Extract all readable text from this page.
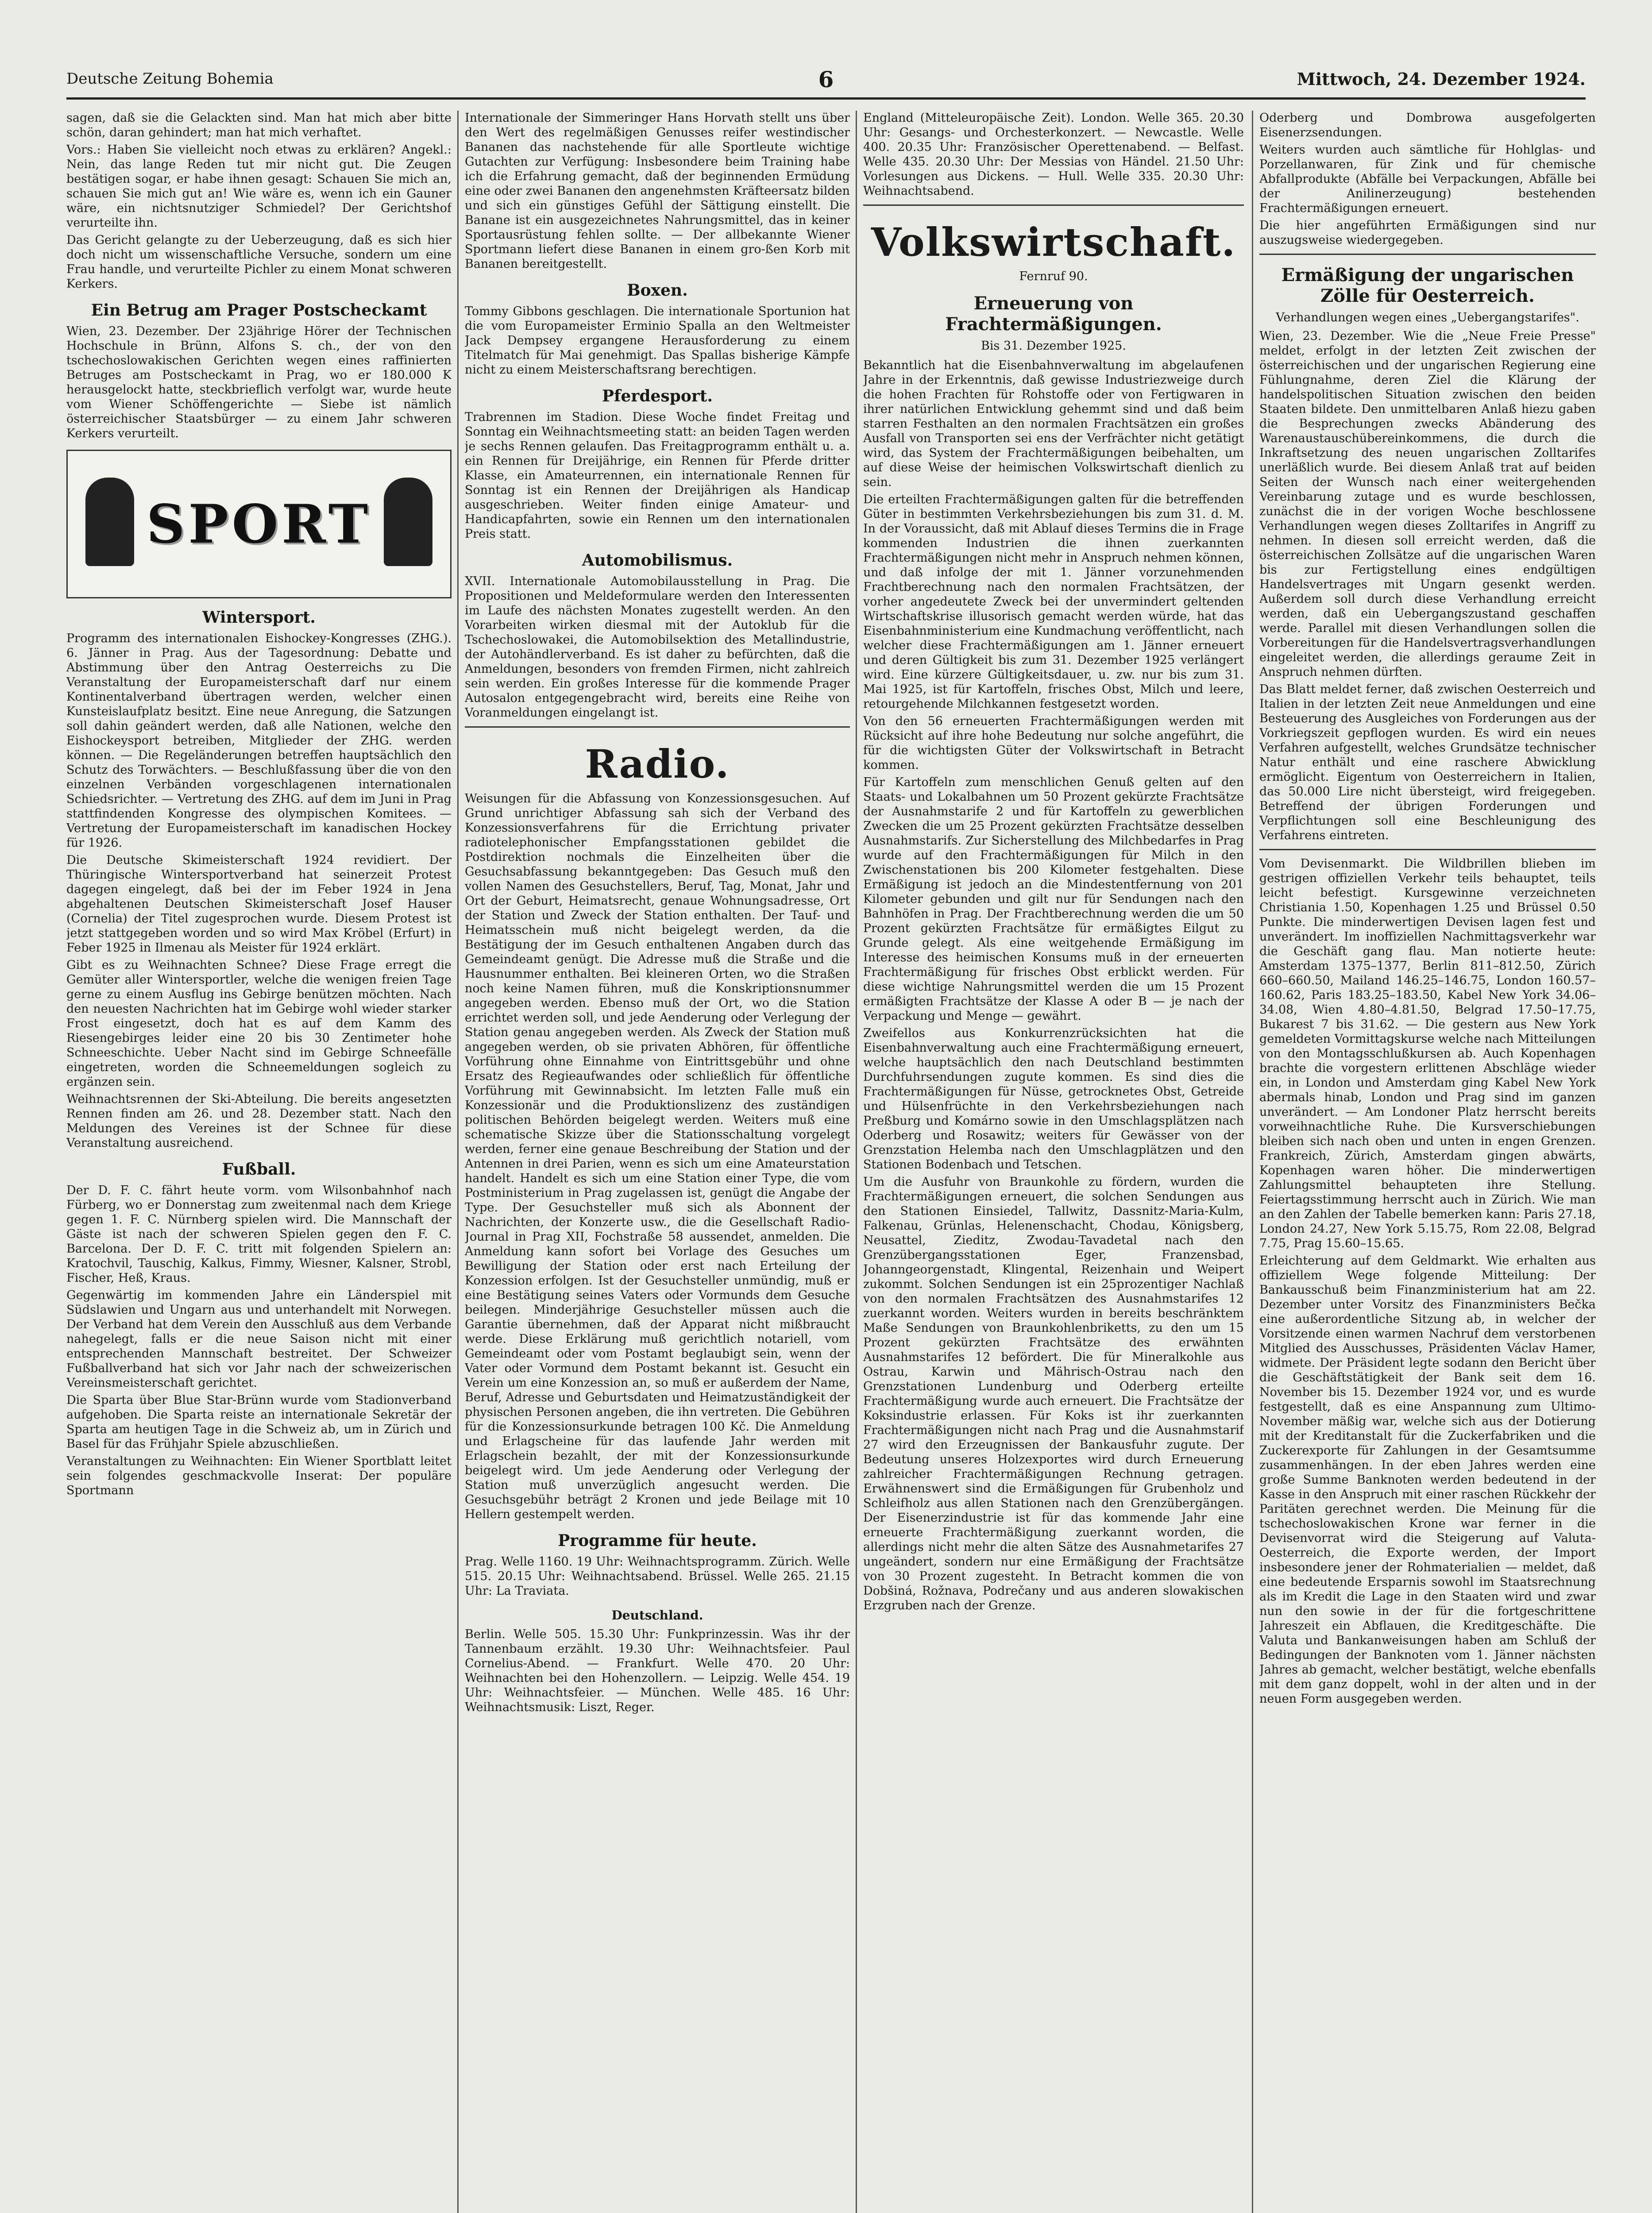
Deutsche Zeitung Bohemia	6	Mittwoch, 24. Dezember 1924.

sagen, daß sie die Gelackten sind. Man hat mich aber bitte schön, daran gehindert; man hat mich verhaftet.

Vors.: Haben Sie vielleicht noch etwas zu erklären? Angekl.: Nein, das lange Reden tut mir nicht gut. Die Zeugen bestätigen sogar, er habe ihnen gesagt: Schauen Sie mich an, schauen Sie mich gut an! Wie wäre es, wenn ich ein Gauner wäre, ein nichtsnutziger Schmiedel? Der Gerichtshof verurteilte ihn.

Das Gericht gelangte zu der Ueberzeugung, daß es sich hier doch nicht um wissenschaftliche Versuche, sondern um eine Frau handle, und verurteilte Pichler zu einem Monat schweren Kerkers.

Ein Betrug am Prager Postscheckamt

Wien, 23. Dezember. Der 23jährige Hörer der Technischen Hochschule in Brünn, Alfons S. ch., der von den tschechoslowakischen Gerichten wegen eines raffinierten Betruges am Postscheckamt in Prag, wo er 180.000 K herausgelockt hatte, steckbrieflich verfolgt war, wurde heute vom Wiener Schöffengerichte — Siebe ist nämlich österreichischer Staatsbürger — zu einem Jahr schweren Kerkers verurteilt.

SPORT
Wintersport.

Programm des internationalen Eishockey-Kongresses (ZHG.). 6. Jänner in Prag. Aus der Tagesordnung: Debatte und Abstimmung über den Antrag Oesterreichs zu Die Veranstaltung der Europameisterschaft darf nur einem Kontinentalverband übertragen werden, welcher einen Kunsteislaufplatz besitzt. Eine neue Anregung, die Satzungen soll dahin geändert werden, daß alle Nationen, welche den Eishockeysport betreiben, Mitglieder der ZHG. werden können. — Die Regeländerungen betreffen hauptsächlich den Schutz des Torwächters. — Beschlußfassung über die von den einzelnen Verbänden vorgeschlagenen internationalen Schiedsrichter. — Vertretung des ZHG. auf dem im Juni in Prag stattfindenden Kongresse des olympischen Komitees. — Vertretung der Europameisterschaft im kanadischen Hockey für 1926.

Die Deutsche Skimeisterschaft 1924 revidiert. Der Thüringische Wintersportverband hat seinerzeit Protest dagegen eingelegt, daß bei der im Feber 1924 in Jena abgehaltenen Deutschen Skimeisterschaft Josef Hauser (Cornelia) der Titel zugesprochen wurde. Diesem Protest ist jetzt stattgegeben worden und so wird Max Kröbel (Erfurt) in Feber 1925 in Ilmenau als Meister für 1924 erklärt.

Gibt es zu Weihnachten Schnee? Diese Frage erregt die Gemüter aller Wintersportler, welche die wenigen freien Tage gerne zu einem Ausflug ins Gebirge benützen möchten. Nach den neuesten Nachrichten hat im Gebirge wohl wieder starker Frost eingesetzt, doch hat es auf dem Kamm des Riesengebirges leider eine 20 bis 30 Zentimeter hohe Schneeschichte. Ueber Nacht sind im Gebirge Schneefälle eingetreten, worden die Schneemeldungen sogleich zu ergänzen sein.

Weihnachtsrennen der Ski-Abteilung. Die bereits angesetzten Rennen finden am 26. und 28. Dezember statt. Nach den Meldungen des Vereines ist der Schnee für diese Veranstaltung ausreichend.

Fußball.

Der D. F. C. fährt heute vorm. vom Wilsonbahnhof nach Fürberg, wo er Donnerstag zum zweitenmal nach dem Kriege gegen 1. F. C. Nürnberg spielen wird. Die Mannschaft der Gäste ist nach der schweren Spielen gegen den F. C. Barcelona. Der D. F. C. tritt mit folgenden Spielern an: Kratochvil, Tauschig, Kalkus, Fimmy, Wiesner, Kalsner, Strobl, Fischer, Heß, Kraus.

Gegenwärtig im kommenden Jahre ein Länderspiel mit Südslawien und Ungarn aus und unterhandelt mit Norwegen. Der Verband hat dem Verein den Ausschluß aus dem Verbande nahegelegt, falls er die neue Saison nicht mit einer entsprechenden Mannschaft bestreitet. Der Schweizer Fußballverband hat sich vor Jahr nach der schweizerischen Vereinsmeisterschaft gerichtet.

Die Sparta über Blue Star-Brünn wurde vom Stadionverband aufgehoben. Die Sparta reiste an internationale Sekretär der Sparta am heutigen Tage in die Schweiz ab, um in Zürich und Basel für das Frühjahr Spiele abzuschließen.

Veranstaltungen zu Weihnachten: Ein Wiener Sportblatt leitet sein folgendes geschmackvolle Inserat: Der populäre Sportmann

Internationale der Simmeringer Hans Horvath stellt uns über den Wert des regelmäßigen Genusses reifer westindischer Bananen das nachstehende für alle Sportleute wichtige Gutachten zur Verfügung: Insbesondere beim Training habe ich die Erfahrung gemacht, daß der beginnenden Ermüdung eine oder zwei Bananen den angenehmsten Kräfteersatz bilden und sich ein günstiges Gefühl der Sättigung einstellt. Die Banane ist ein ausgezeichnetes Nahrungsmittel, das in keiner Sportausrüstung fehlen sollte. — Der allbekannte Wiener Sportmann liefert diese Bananen in einem gro-ßen Korb mit Bananen bereitgestellt.

Boxen.

Tommy Gibbons geschlagen. Die internationale Sportunion hat die vom Europameister Erminio Spalla an den Weltmeister Jack Dempsey ergangene Herausforderung zu einem Titelmatch für Mai genehmigt. Das Spallas bisherige Kämpfe nicht zu einem Meisterschaftsrang berechtigen.

Pferdesport.

Trabrennen im Stadion. Diese Woche findet Freitag und Sonntag ein Weihnachtsmeeting statt: an beiden Tagen werden je sechs Rennen gelaufen. Das Freitagprogramm enthält u. a. ein Rennen für Dreijährige, ein Rennen für Pferde dritter Klasse, ein Amateurrennen, ein internationale Rennen für Sonntag ist ein Rennen der Dreijährigen als Handicap ausgeschrieben. Weiter finden einige Amateur- und Handicapfahrten, sowie ein Rennen um den internationalen Preis statt.

Automobilismus.

XVII. Internationale Automobilausstellung in Prag. Die Propositionen und Meldeformulare werden den Interessenten im Laufe des nächsten Monates zugestellt werden. An den Vorarbeiten wirken diesmal mit der Autoklub für die Tschechoslowakei, die Automobilsektion des Metallindustrie, der Autohändlerverband. Es ist daher zu befürchten, daß die Anmeldungen, besonders von fremden Firmen, nicht zahlreich sein werden. Ein großes Interesse für die kommende Prager Autosalon entgegengebracht wird, bereits eine Reihe von Voranmeldungen eingelangt ist.

Radio.

Weisungen für die Abfassung von Konzessionsgesuchen. Auf Grund unrichtiger Abfassung sah sich der Verband des Konzessionsverfahrens für die Errichtung privater radiotelephonischer Empfangsstationen gebildet die Postdirektion nochmals die Einzelheiten über die Gesuchsabfassung bekanntgegeben: Das Gesuch muß den vollen Namen des Gesuchstellers, Beruf, Tag, Monat, Jahr und Ort der Geburt, Heimatsrecht, genaue Wohnungsadresse, Ort der Station und Zweck der Station enthalten. Der Tauf- und Heimatsschein muß nicht beigelegt werden, da die Bestätigung der im Gesuch enthaltenen Angaben durch das Gemeindeamt genügt. Die Adresse muß die Straße und die Hausnummer enthalten. Bei kleineren Orten, wo die Straßen noch keine Namen führen, muß die Konskriptionsnummer angegeben werden. Ebenso muß der Ort, wo die Station errichtet werden soll, und jede Aenderung oder Verlegung der Station genau angegeben werden. Als Zweck der Station muß angegeben werden, ob sie privaten Abhören, für öffentliche Vorführung ohne Einnahme von Eintrittsgebühr und ohne Ersatz des Regieaufwandes oder schließlich für öffentliche Vorführung mit Gewinnabsicht. Im letzten Falle muß ein Konzessionär und die Produktionslizenz des zuständigen politischen Behörden beigelegt werden. Weiters muß eine schematische Skizze über die Stationsschaltung vorgelegt werden, ferner eine genaue Beschreibung der Station und der Antennen in drei Parien, wenn es sich um eine Amateurstation handelt. Handelt es sich um eine Station einer Type, die vom Postministerium in Prag zugelassen ist, genügt die Angabe der Type. Der Gesuchsteller muß sich als Abonnent der Nachrichten, der Konzerte usw., die die Gesellschaft Radio-Journal in Prag XII, Fochstraße 58 aussendet, anmelden. Die Anmeldung kann sofort bei Vorlage des Gesuches um Bewilligung der Station oder erst nach Erteilung der Konzession erfolgen. Ist der Gesuchsteller unmündig, muß er eine Bestätigung seines Vaters oder Vormunds dem Gesuche beilegen. Minderjährige Gesuchsteller müssen auch die Garantie übernehmen, daß der Apparat nicht mißbraucht werde. Diese Erklärung muß gerichtlich notariell, vom Gemeindeamt oder vom Postamt beglaubigt sein, wenn der Vater oder Vormund dem Postamt bekannt ist. Gesucht ein Verein um eine Konzession an, so muß er außerdem der Name, Beruf, Adresse und Geburtsdaten und Heimatzuständigkeit der physischen Personen angeben, die ihn vertreten. Die Gebühren für die Konzessionsurkunde betragen 100 Kč. Die Anmeldung und Erlagscheine für das laufende Jahr werden mit Erlagschein bezahlt, der mit der Konzessionsurkunde beigelegt wird. Um jede Aenderung oder Verlegung der Station muß unverzüglich angesucht werden. Die Gesuchsgebühr beträgt 2 Kronen und jede Beilage mit 10 Hellern gestempelt werden.

Programme für heute.

Prag. Welle 1160. 19 Uhr: Weihnachtsprogramm. Zürich. Welle 515. 20.15 Uhr: Weihnachtsabend. Brüssel. Welle 265. 21.15 Uhr: La Traviata.

Deutschland.

Berlin. Welle 505. 15.30 Uhr: Funkprinzessin. Was ihr der Tannenbaum erzählt. 19.30 Uhr: Weihnachtsfeier. Paul Cornelius-Abend. — Frankfurt. Welle 470. 20 Uhr: Weihnachten bei den Hohenzollern. — Leipzig. Welle 454. 19 Uhr: Weihnachtsfeier. — München. Welle 485. 16 Uhr: Weihnachtsmusik: Liszt, Reger.

England (Mitteleuropäische Zeit). London. Welle 365. 20.30 Uhr: Gesangs- und Orchesterkonzert. — Newcastle. Welle 400. 20.35 Uhr: Französischer Operettenabend. — Belfast. Welle 435. 20.30 Uhr: Der Messias von Händel. 21.50 Uhr: Vorlesungen aus Dickens. — Hull. Welle 335. 20.30 Uhr: Weihnachtsabend.

Volkswirtschaft.
Fernruf 90.
Erneuerung von Frachtermäßigungen.
Bis 31. Dezember 1925.

Bekanntlich hat die Eisenbahnverwaltung im abgelaufenen Jahre in der Erkenntnis, daß gewisse Industriezweige durch die hohen Frachten für Rohstoffe oder von Fertigwaren in ihrer natürlichen Entwicklung gehemmt sind und daß beim starren Festhalten an den normalen Frachtsätzen ein großes Ausfall von Transporten sei ens der Verfrächter nicht getätigt wird, das System der Frachtermäßigungen beibehalten, um auf diese Weise der heimischen Volkswirtschaft dienlich zu sein.

Die erteilten Frachtermäßigungen galten für die betreffenden Güter in bestimmten Verkehrsbeziehungen bis zum 31. d. M. In der Voraussicht, daß mit Ablauf dieses Termins die in Frage kommenden Industrien die ihnen zuerkannten Frachtermäßigungen nicht mehr in Anspruch nehmen können, und daß infolge der mit 1. Jänner vorzunehmenden Frachtberechnung nach den normalen Frachtsätzen, der vorher angedeutete Zweck bei der unvermindert geltenden Wirtschaftskrise illusorisch gemacht werden würde, hat das Eisenbahnministerium eine Kundmachung veröffentlicht, nach welcher diese Frachtermäßigungen am 1. Jänner erneuert und deren Gültigkeit bis zum 31. Dezember 1925 verlängert wird. Eine kürzere Gültigkeitsdauer, u. zw. nur bis zum 31. Mai 1925, ist für Kartoffeln, frisches Obst, Milch und leere, retourgehende Milchkannen festgesetzt worden.

Von den 56 erneuerten Frachtermäßigungen werden mit Rücksicht auf ihre hohe Bedeutung nur solche angeführt, die für die wichtigsten Güter der Volkswirtschaft in Betracht kommen.

Für Kartoffeln zum menschlichen Genuß gelten auf den Staats- und Lokalbahnen um 50 Prozent gekürzte Frachtsätze der Ausnahmstarife 2 und für Kartoffeln zu gewerblichen Zwecken die um 25 Prozent gekürzten Frachtsätze desselben Ausnahmstarifs. Zur Sicherstellung des Milchbedarfes in Prag wurde auf den Frachtermäßigungen für Milch in den Zwischenstationen bis 200 Kilometer festgehalten. Diese Ermäßigung ist jedoch an die Mindestentfernung von 201 Kilometer gebunden und gilt nur für Sendungen nach den Bahnhöfen in Prag. Der Frachtberechnung werden die um 50 Prozent gekürzten Frachtsätze für ermäßigtes Eilgut zu Grunde gelegt. Als eine weitgehende Ermäßigung im Interesse des heimischen Konsums muß in der erneuerten Frachtermäßigung für frisches Obst erblickt werden. Für diese wichtige Nahrungsmittel werden die um 15 Prozent ermäßigten Frachtsätze der Klasse A oder B — je nach der Verpackung und Menge — gewährt.

Zweifellos aus Konkurrenzrücksichten hat die Eisenbahnverwaltung auch eine Frachtermäßigung erneuert, welche hauptsächlich den nach Deutschland bestimmten Durchfuhrsendungen zugute kommen. Es sind dies die Frachtermäßigungen für Nüsse, getrocknetes Obst, Getreide und Hülsenfrüchte in den Verkehrsbeziehungen nach Preßburg und Komárno sowie in den Umschlagsplätzen nach Oderberg und Rosawitz; weiters für Gewässer von der Grenzstation Helemba nach den Umschlagplätzen und den Stationen Bodenbach und Tetschen.

Um die Ausfuhr von Braunkohle zu fördern, wurden die Frachtermäßigungen erneuert, die solchen Sendungen aus den Stationen Einsiedel, Tallwitz, Dassnitz-Maria-Kulm, Falkenau, Grünlas, Helenenschacht, Chodau, Königsberg, Neusattel, Zieditz, Zwodau-Tavadetal nach den Grenzübergangsstationen Eger, Franzensbad, Johanngeorgenstadt, Klingental, Reizenhain und Weipert zukommt. Solchen Sendungen ist ein 25prozentiger Nachlaß von den normalen Frachtsätzen des Ausnahmstarifes 12 zuerkannt worden. Weiters wurden in bereits beschränktem Maße Sendungen von Braunkohlenbriketts, zu den um 15 Prozent gekürzten Frachtsätze des erwähnten Ausnahmstarifes 12 befördert. Die für Mineralkohle aus Ostrau, Karwin und Mährisch-Ostrau nach den Grenzstationen Lundenburg und Oderberg erteilte Frachtermäßigung wurde auch erneuert. Die Frachtsätze der Koksindustrie erlassen. Für Koks ist ihr zuerkannten Frachtermäßigungen nicht nach Prag und die Ausnahmstarif 27 wird den Erzeugnissen der Bankausfuhr zugute. Der Bedeutung unseres Holzexportes wird durch Erneuerung zahlreicher Frachtermäßigungen Rechnung getragen. Erwähnenswert sind die Ermäßigungen für Grubenholz und Schleifholz aus allen Stationen nach den Grenzübergängen. Der Eisenerzindustrie ist für das kommende Jahr eine erneuerte Frachtermäßigung zuerkannt worden, die allerdings nicht mehr die alten Sätze des Ausnahmetarifes 27 ungeändert, sondern nur eine Ermäßigung der Frachtsätze von 30 Prozent zugesteht. In Betracht kommen die von Dobšiná, Rožnava, Podrečany und aus anderen slowakischen Erzgruben nach der Grenze.

Oderberg und Dombrowa ausgefolgerten Eisenerzsendungen.

Weiters wurden auch sämtliche für Hohlglas- und Porzellanwaren, für Zink und für chemische Abfallprodukte (Abfälle bei Verpackungen, Abfälle bei der Anilinerzeugung) bestehenden Frachtermäßigungen erneuert.

Die hier angeführten Ermäßigungen sind nur auszugsweise wiedergegeben.

Ermäßigung der ungarischen Zölle für Oesterreich.
Verhandlungen wegen eines „Uebergangstarifes".

Wien, 23. Dezember. Wie die „Neue Freie Presse" meldet, erfolgt in der letzten Zeit zwischen der österreichischen und der ungarischen Regierung eine Fühlungnahme, deren Ziel die Klärung der handelspolitischen Situation zwischen den beiden Staaten bildete. Den unmittelbaren Anlaß hiezu gaben die Besprechungen zwecks Abänderung des Warenaustauschübereinkommens, die durch die Inkraftsetzung des neuen ungarischen Zolltarifes unerläßlich wurde. Bei diesem Anlaß trat auf beiden Seiten der Wunsch nach einer weitergehenden Vereinbarung zutage und es wurde beschlossen, zunächst die in der vorigen Woche beschlossene Verhandlungen wegen dieses Zolltarifes in Angriff zu nehmen. In diesen soll erreicht werden, daß die österreichischen Zollsätze auf die ungarischen Waren bis zur Fertigstellung eines endgültigen Handelsvertrages mit Ungarn gesenkt werden. Außerdem soll durch diese Verhandlung erreicht werden, daß ein Uebergangszustand geschaffen werde. Parallel mit diesen Verhandlungen sollen die Vorbereitungen für die Handelsvertragsverhandlungen eingeleitet werden, die allerdings geraume Zeit in Anspruch nehmen dürften.

Das Blatt meldet ferner, daß zwischen Oesterreich und Italien in der letzten Zeit neue Anmeldungen und eine Besteuerung des Ausgleiches von Forderungen aus der Vorkriegszeit gepflogen wurden. Es wird ein neues Verfahren aufgestellt, welches Grundsätze technischer Natur enthält und eine raschere Abwicklung ermöglicht. Eigentum von Oesterreichern in Italien, das 50.000 Lire nicht übersteigt, wird freigegeben. Betreffend der übrigen Forderungen und Verpflichtungen soll eine Beschleunigung des Verfahrens eintreten.

Vom Devisenmarkt. Die Wildbrillen blieben im gestrigen offiziellen Verkehr teils behauptet, teils leicht befestigt. Kursgewinne verzeichneten Christiania 1.50, Kopenhagen 1.25 und Brüssel 0.50 Punkte. Die minderwertigen Devisen lagen fest und unverändert. Im inoffiziellen Nachmittagsverkehr war die Geschäft gang flau. Man notierte heute: Amsterdam 1375–1377, Berlin 811–812.50, Zürich 660–660.50, Mailand 146.25–146.75, London 160.57–160.62, Paris 183.25–183.50, Kabel New York 34.06–34.08, Wien 4.80–4.81.50, Belgrad 17.50–17.75, Bukarest 7 bis 31.62. — Die gestern aus New York gemeldeten Vormittagskurse welche nach Mitteilungen von den Montagsschlußkursen ab. Auch Kopenhagen brachte die vorgestern erlittenen Abschläge wieder ein, in London und Amsterdam ging Kabel New York abermals hinab, London und Prag sind im ganzen unverändert. — Am Londoner Platz herrscht bereits vorweihnachtliche Ruhe. Die Kursverschiebungen bleiben sich nach oben und unten in engen Grenzen. Frankreich, Zürich, Amsterdam gingen abwärts, Kopenhagen waren höher. Die minderwertigen Zahlungsmittel behaupteten ihre Stellung. Feiertagsstimmung herrscht auch in Zürich. Wie man an den Zahlen der Tabelle bemerken kann: Paris 27.18, London 24.27, New York 5.15.75, Rom 22.08, Belgrad 7.75, Prag 15.60–15.65.

Erleichterung auf dem Geldmarkt. Wie erhalten aus offiziellem Wege folgende Mitteilung: Der Bankausschuß beim Finanzministerium hat am 22. Dezember unter Vorsitz des Finanzministers Bečka eine außerordentliche Sitzung ab, in welcher der Vorsitzende einen warmen Nachruf dem verstorbenen Mitglied des Ausschusses, Präsidenten Václav Hamer, widmete. Der Präsident legte sodann den Bericht über die Geschäftstätigkeit der Bank seit dem 16. November bis 15. Dezember 1924 vor, und es wurde festgestellt, daß es eine Anspannung zum Ultimo-November mäßig war, welche sich aus der Dotierung mit der Kreditanstalt für die Zuckerfabriken und die Zuckerexporte für Zahlungen in der Gesamtsumme zusammenhängen. In der eben Jahres werden eine große Summe Banknoten werden bedeutend in der Kasse in den Anspruch mit einer raschen Rückkehr der Paritäten gerechnet werden. Die Meinung für die tschechoslowakischen Krone war ferner in die Devisenvorrat wird die Steigerung auf Valuta-Oesterreich, die Exporte werden, der Import insbesondere jener der Rohmaterialien — meldet, daß eine bedeutende Ersparnis sowohl im Staatsrechnung als im Kredit die Lage in den Staaten wird und zwar nun den sowie in der für die fortgeschrittene Jahreszeit ein Abflauen, die Kreditgeschäfte. Die Valuta und Bankanweisungen haben am Schluß der Bedingungen der Banknoten vom 1. Jänner nächsten Jahres ab gemacht, welcher bestätigt, welche ebenfalls mit dem ganz doppelt, wohl in der alten und in der neuen Form ausgegeben werden.
